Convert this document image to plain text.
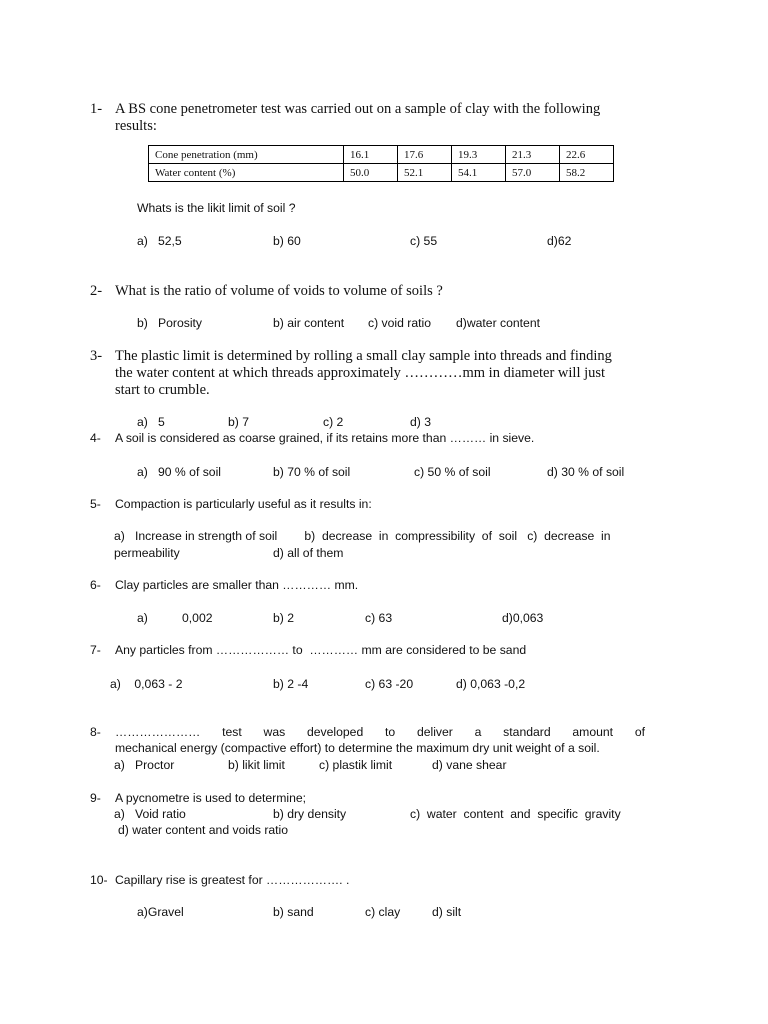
1- A BS cone penetrometer test was carried out on a sample of clay with the following
results:
Cone penetration (mm)	16.1	17.6	19.3	21.3	22.6
Water content (%)	50.0	52.1	54.1	57.0	58.2
Whats is the likit limit of soil ?
a)   52,5	b) 60	c) 55	d)62
2- What is the ratio of volume of voids to volume of soils ?
b)   Porosity	b) air content c) void ratio d)water content
3- The plastic limit is determined by rolling a small clay sample into threads and finding
the water content at which threads approximately …………mm in diameter will just
start to crumble.
a)   5	b) 7	c) 2	d) 3
4- A soil is considered as coarse grained, if its retains more than ……… in sieve.
a)   90 % of soil	b) 70 % of soil	c) 50 % of soil	d) 30 % of soil
5- Compaction is particularly useful as it results in:
a)   Increase in strength of soil        b)  decrease  in  compressibility  of  soil   c)  decrease  in
permeability	d) all of them
6- Clay particles are smaller than ………… mm.
a)	0,002	b) 2	c) 63	d)0,063
7- Any particles from ……………… to  ………… mm are considered to be sand
a)    0,063 - 2	b) 2 -4	c) 63 -20	d) 0,063 -0,2
8- ………………… test was developed to deliver a standard amount of
mechanical energy (compactive effort) to determine the maximum dry unit weight of a soil.
a)   Proctor	b) likit limit	c) plastik limit	d) vane shear
9- A pycnometre is used to determine;
a)   Void ratio	b) dry density	c)  water  content  and  specific  gravity
d) water content and voids ratio
10- Capillary rise is greatest for ………………. .
a)Gravel	b) sand	c) clay	d) silt
